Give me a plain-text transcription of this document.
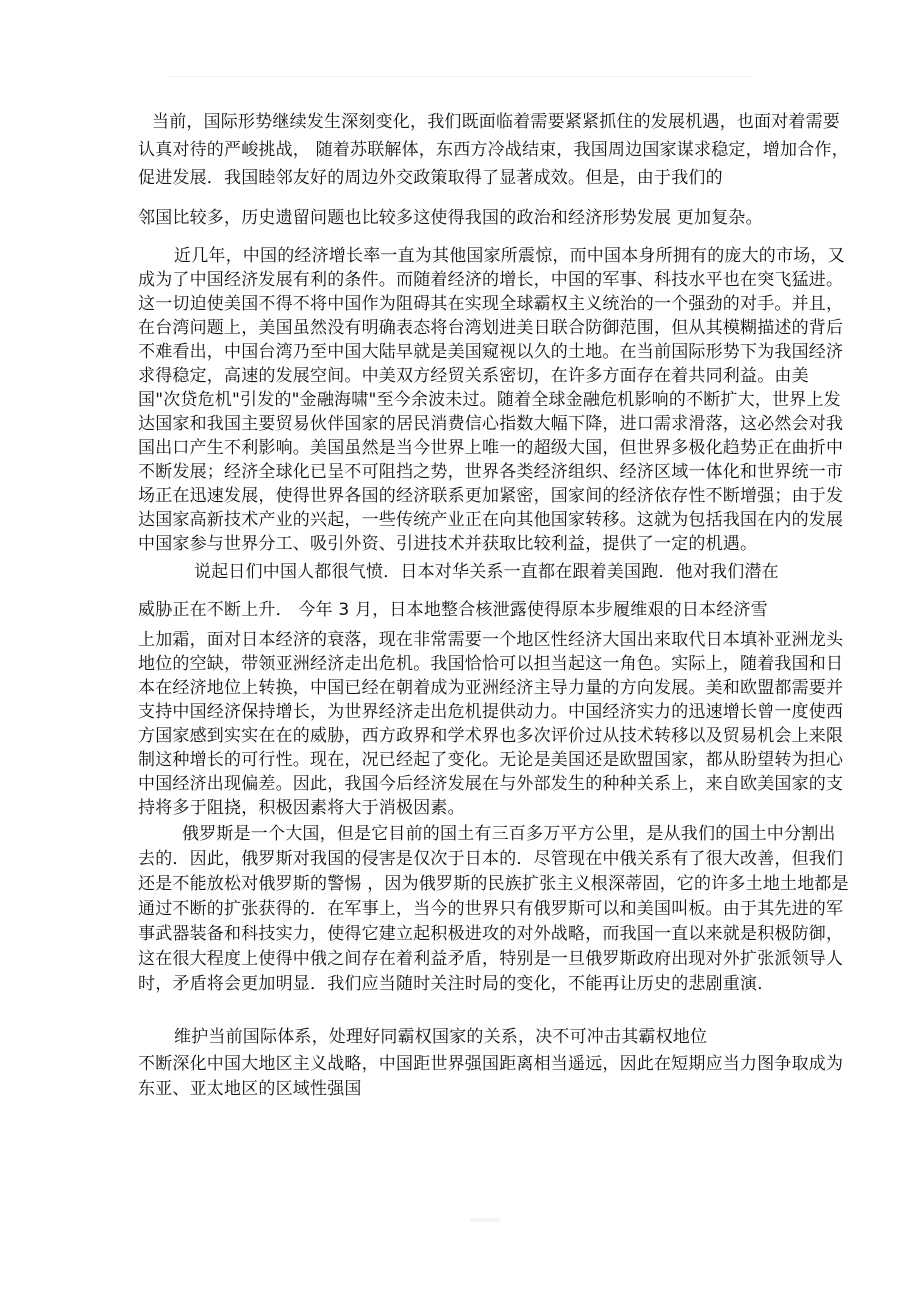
当前，国际形势继续发生深刻变化，我们既面临着需要紧紧抓住的发展机遇，也面对着需要认真对待的严峻挑战， 随着苏联解体，东西方冷战结束，我国周边国家谋求稳定，增加合作，促进发展．我国睦邻友好的周边外交政策取得了显著成效。但是，由于我们的

邻国比较多，历史遗留问题也比较多这使得我国的政治和经济形势发展 更加复杂。

近几年，中国的经济增长率一直为其他国家所震惊，而中国本身所拥有的庞大的市场，又成为了中国经济发展有利的条件。而随着经济的增长，中国的军事、科技水平也在突飞猛进。这一切迫使美国不得不将中国作为阻碍其在实现全球霸权主义统治的一个强劲的对手。并且，在台湾问题上，美国虽然没有明确表态将台湾划进美日联合防御范围，但从其模糊描述的背后不难看出，中国台湾乃至中国大陆早就是美国窥视以久的土地。在当前国际形势下为我国经济求得稳定，高速的发展空间。中美双方经贸关系密切，在许多方面存在着共同利益。由美国"次贷危机"引发的"金融海啸"至今余波未过。随着全球金融危机影响的不断扩大，世界上发达国家和我国主要贸易伙伴国家的居民消费信心指数大幅下降，进口需求滑落，这必然会对我国出口产生不利影响。美国虽然是当今世界上唯一的超级大国，但世界多极化趋势正在曲折中不断发展；经济全球化已呈不可阻挡之势，世界各类经济组织、经济区域一体化和世界统一市场正在迅速发展，使得世界各国的经济联系更加紧密，国家间的经济依存性不断增强；由于发达国家高新技术产业的兴起，一些传统产业正在向其他国家转移。这就为包括我国在内的发展中国家参与世界分工、吸引外资、引进技术并获取比较利益，提供了一定的机遇。

说起日们中国人都很气愤．日本对华关系一直都在跟着美国跑．他对我们潜在

威胁正在不断上升． 今年 3 月，日本地整合核泄露使得原本步履维艰的日本经济雪

上加霜，面对日本经济的衰落，现在非常需要一个地区性经济大国出来取代日本填补亚洲龙头地位的空缺，带领亚洲经济走出危机。我国恰恰可以担当起这一角色。实际上，随着我国和日本在经济地位上转换，中国已经在朝着成为亚洲经济主导力量的方向发展。美和欧盟都需要并支持中国经济保持增长，为世界经济走出危机提供动力。中国经济实力的迅速增长曾一度使西方国家感到实实在在的威胁，西方政界和学术界也多次评价过从技术转移以及贸易机会上来限制这种增长的可行性。现在，况已经起了变化。无论是美国还是欧盟国家，都从盼望转为担心中国经济出现偏差。因此，我国今后经济发展在与外部发生的种种关系上，来自欧美国家的支持将多于阻挠，积极因素将大于消极因素。

俄罗斯是一个大国，但是它目前的国土有三百多万平方公里，是从我们的国土中分割出去的．因此，俄罗斯对我国的侵害是仅次于日本的．尽管现在中俄关系有了很大改善，但我们还是不能放松对俄罗斯的警惕 ，因为俄罗斯的民族扩张主义根深蒂固，它的许多土地土地都是通过不断的扩张获得的．在军事上，当今的世界只有俄罗斯可以和美国叫板。由于其先进的军事武器装备和科技实力，使得它建立起积极进攻的对外战略，而我国一直以来就是积极防御，这在很大程度上使得中俄之间存在着利益矛盾，特别是一旦俄罗斯政府出现对外扩张派领导人时，矛盾将会更加明显．我们应当随时关注时局的变化，不能再让历史的悲剧重演．

维护当前国际体系，处理好同霸权国家的关系，决不可冲击其霸权地位

不断深化中国大地区主义战略，中国距世界强国距离相当遥远，因此在短期应当力图争取成为东亚、亚太地区的区域性强国
